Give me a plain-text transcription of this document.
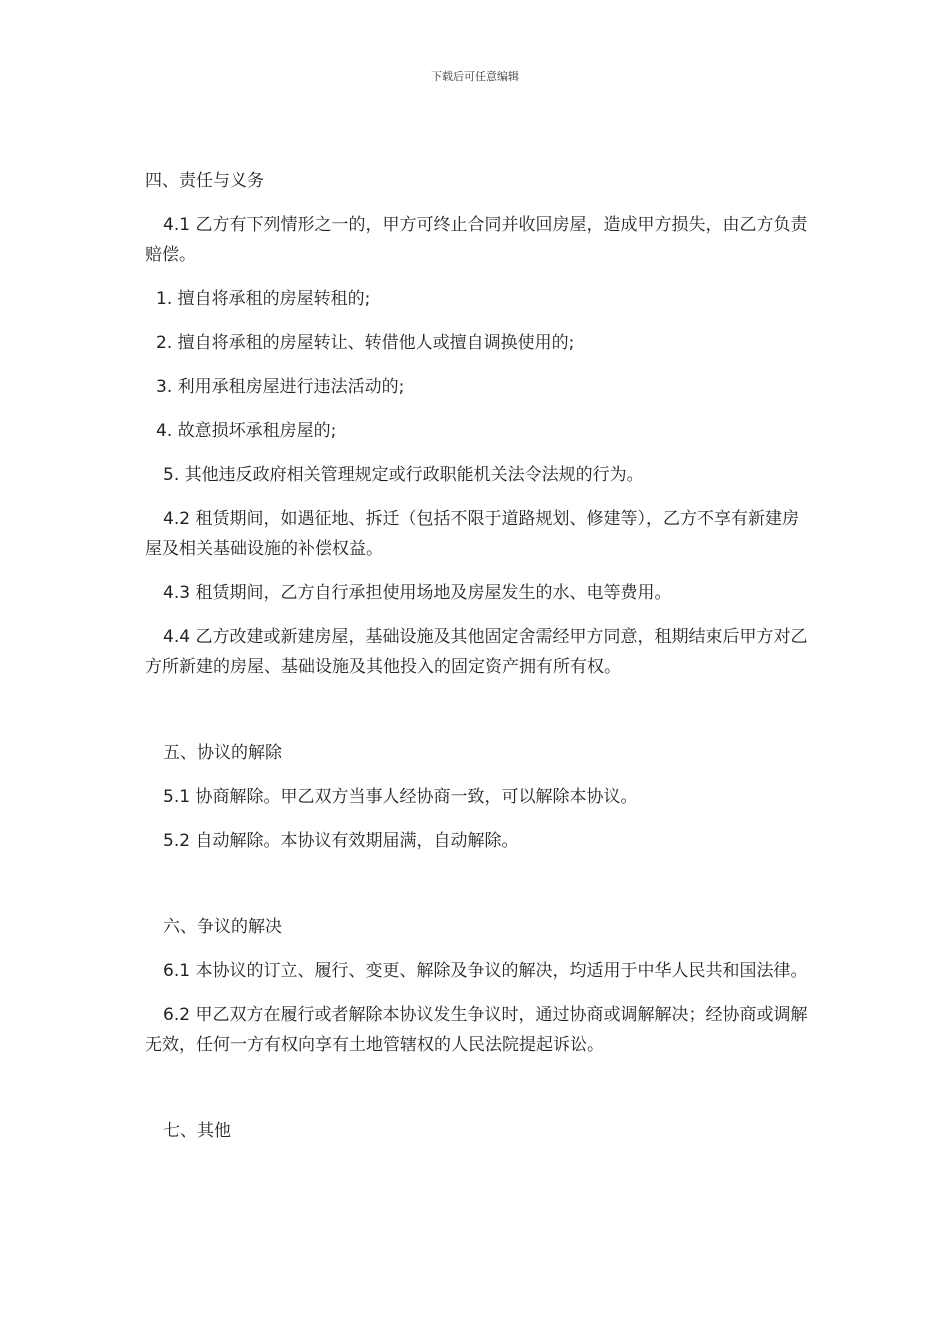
下载后可任意编辑

四、责任与义务

4.1 乙方有下列情形之一的，甲方可终止合同并收回房屋，造成甲方损失，由乙方负责赔偿。

1. 擅自将承租的房屋转租的;

2. 擅自将承租的房屋转让、转借他人或擅自调换使用的;

3. 利用承租房屋进行违法活动的;

4. 故意损坏承租房屋的;

5. 其他违反政府相关管理规定或行政职能机关法令法规的行为。

4.2 租赁期间，如遇征地、拆迁（包括不限于道路规划、修建等），乙方不享有新建房屋及相关基础设施的补偿权益。

4.3 租赁期间，乙方自行承担使用场地及房屋发生的水、电等费用。

4.4 乙方改建或新建房屋，基础设施及其他固定舍需经甲方同意，租期结束后甲方对乙方所新建的房屋、基础设施及其他投入的固定资产拥有所有权。

五、协议的解除

5.1 协商解除。甲乙双方当事人经协商一致，可以解除本协议。

5.2 自动解除。本协议有效期届满，自动解除。

六、争议的解决

6.1 本协议的订立、履行、变更、解除及争议的解决，均适用于中华人民共和国法律。

6.2 甲乙双方在履行或者解除本协议发生争议时，通过协商或调解解决；经协商或调解无效，任何一方有权向享有土地管辖权的人民法院提起诉讼。

七、其他
